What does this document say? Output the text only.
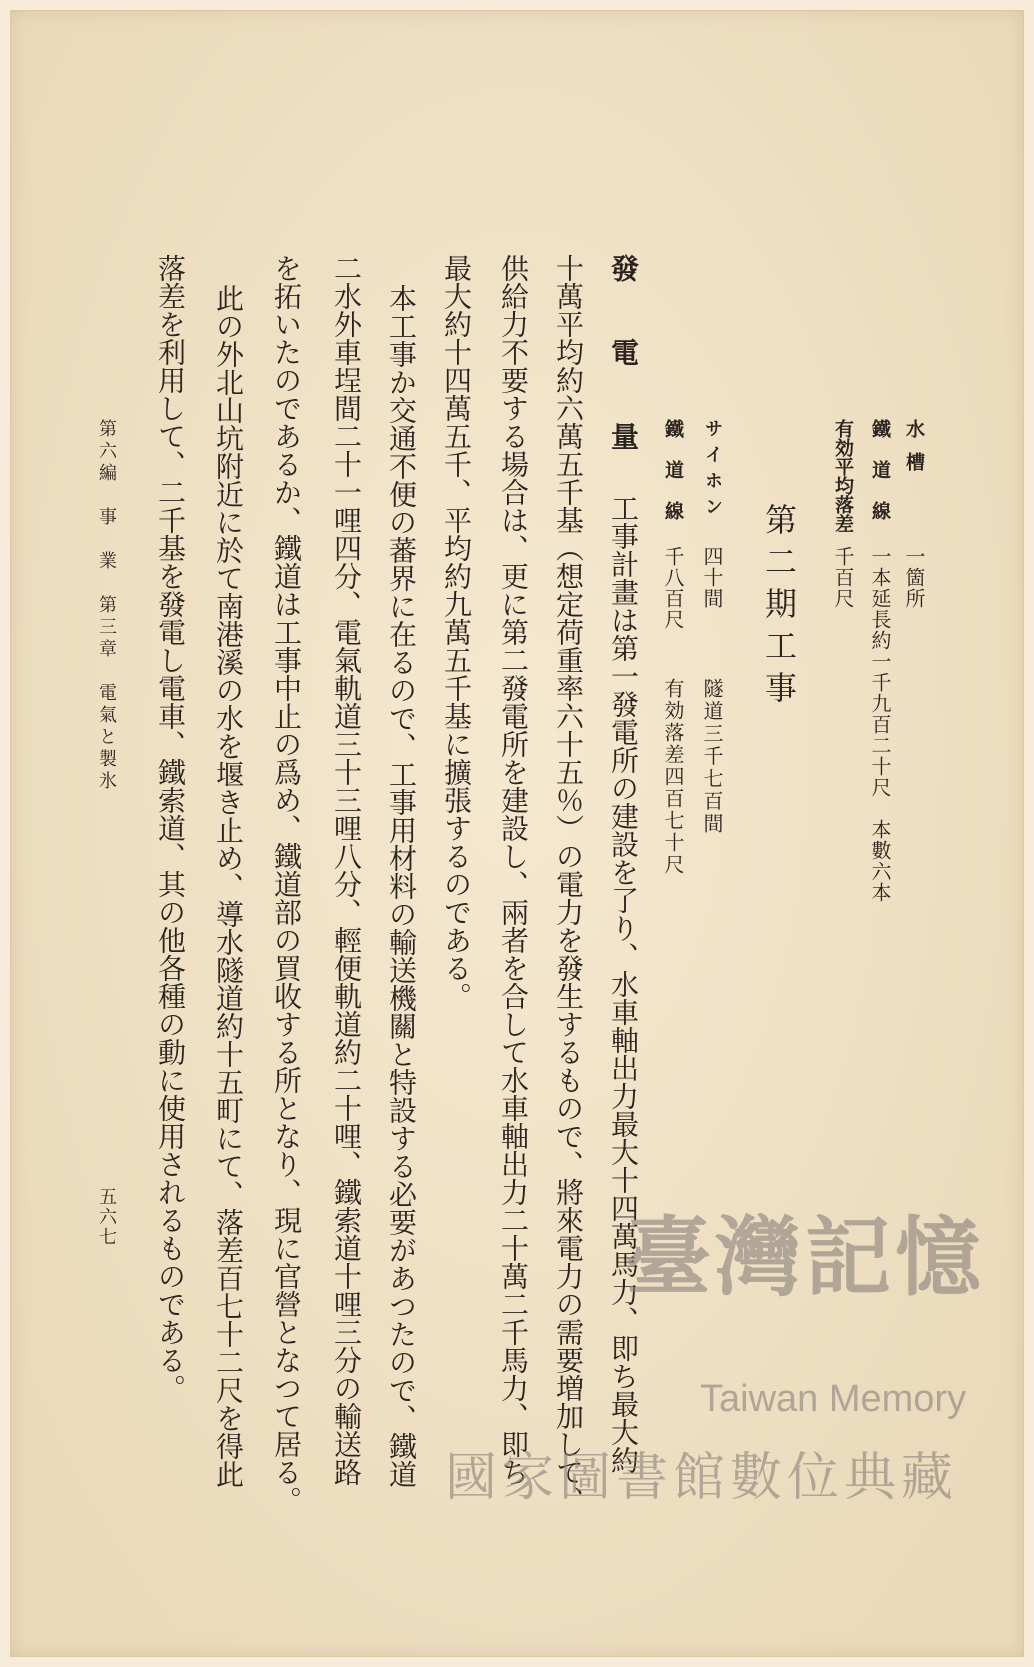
水槽
一箇所
鐵道線
一本延長約一千九百二十尺　本數六本
有効平均落差
千百尺
第二期工事
サイホン
四十間
隧道三千七百間
鐵道線
千八百尺
有効落差四百七十尺
發　電　量工事計畫は第一發電所の建設を了り、水車軸出力最大十四萬馬力、即ち最大約
十萬平均約六萬五千基（想定荷重率六十五％）の電力を發生するもので、將來電力の需要増加して、
供給力不要する場合は、更に第二發電所を建設し、兩者を合して水車軸出力二十萬二千馬力、即ち
最大約十四萬五千、平均約九萬五千基に擴張するのである。
本工事か交通不便の蕃界に在るので、工事用材料の輸送機關と特設する必要があつたので、鐵道
二水外車埕間二十一哩四分、電氣軌道三十三哩八分、輕便軌道約二十哩、鐵索道十哩三分の輸送路
を拓いたのであるか、鐵道は工事中止の爲め、鐵道部の買收する所となり、現に官營となつて居る。
此の外北山坑附近に於て南港溪の水を堰き止め、導水隧道約十五町にて、落差百七十二尺を得此
落差を利用して、二千基を發電し電車、鐵索道、其の他各種の動に使用されるものである。
第六編　事　業　第三章　電氣と製氷
五六七	臺灣記憶
Taiwan Memory
國家圖書館數位典藏
